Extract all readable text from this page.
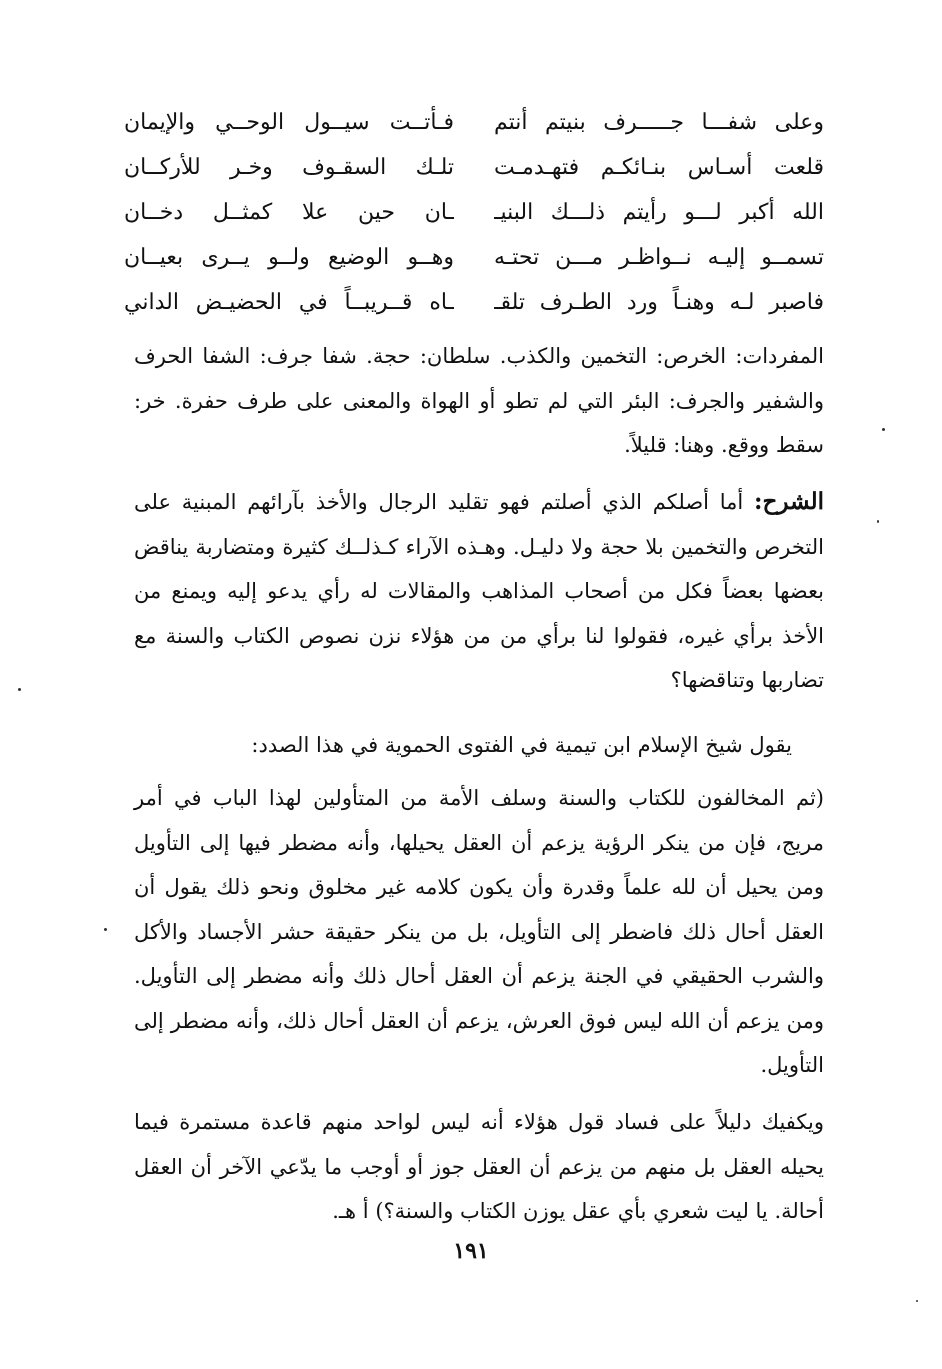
وعلى شفـــا جـــــرف بنيتم أنتم
فـأتــت سيــول الوحــي والإيمان
قلعت أسـاس بنـائكـم فتهـدمـت
تلـك السقـوف وخـر للأركــان
الله أكبر لـــو رأيتم ذلـــك البنيـ
ـان حين علا كمثــل دخــان
تسمــو إليـه نــواظـر مـــن تحتـه
وهــو الوضيع ولــو يــرى بعيــان
فاصبر لـه وهنـاً ورد الطـرف تلقـ
ـاه قــريبــاً في الحضيـض الداني

المفردات: الخرص: التخمين والكذب. سلطان: حجة. شفا جرف: الشفا الحرف والشفير والجرف: البئر التي لم تطو أو الهواة والمعنى على طرف حفرة. خر: سقط ووقع. وهنا: قليلاً.

الشرح: أما أصلكم الذي أصلتم فهو تقليد الرجال والأخذ بآرائهم المبنية على التخرص والتخمين بلا حجة ولا دليـل. وهـذه الآراء كـذلــك كثيرة ومتضاربة يناقض بعضها بعضاً فكل من أصحاب المذاهب والمقالات له رأي يدعو إليه ويمنع من الأخذ برأي غيره، فقولوا لنا برأي من من هؤلاء نزن نصوص الكتاب والسنة مع تضاربها وتناقضها؟

يقول شيخ الإسلام ابن تيمية في الفتوى الحموية في هذا الصدد:

(ثم المخالفون للكتاب والسنة وسلف الأمة من المتأولين لهذا الباب في أمر مريج، فإن من ينكر الرؤية يزعم أن العقل يحيلها، وأنه مضطر فيها إلى التأويل ومن يحيل أن لله علماً وقدرة وأن يكون كلامه غير مخلوق ونحو ذلك يقول أن العقل أحال ذلك فاضطر إلى التأويل، بل من ينكر حقيقة حشر الأجساد والأكل والشرب الحقيقي في الجنة يزعم أن العقل أحال ذلك وأنه مضطر إلى التأويل. ومن يزعم أن الله ليس فوق العرش، يزعم أن العقل أحال ذلك، وأنه مضطر إلى التأويل.

ويكفيك دليلاً على فساد قول هؤلاء أنه ليس لواحد منهم قاعدة مستمرة فيما يحيله العقل بل منهم من يزعم أن العقل جوز أو أوجب ما يدّعي الآخر أن العقل أحالة. يا ليت شعري بأي عقل يوزن الكتاب والسنة؟) أ هـ.

١٩١
